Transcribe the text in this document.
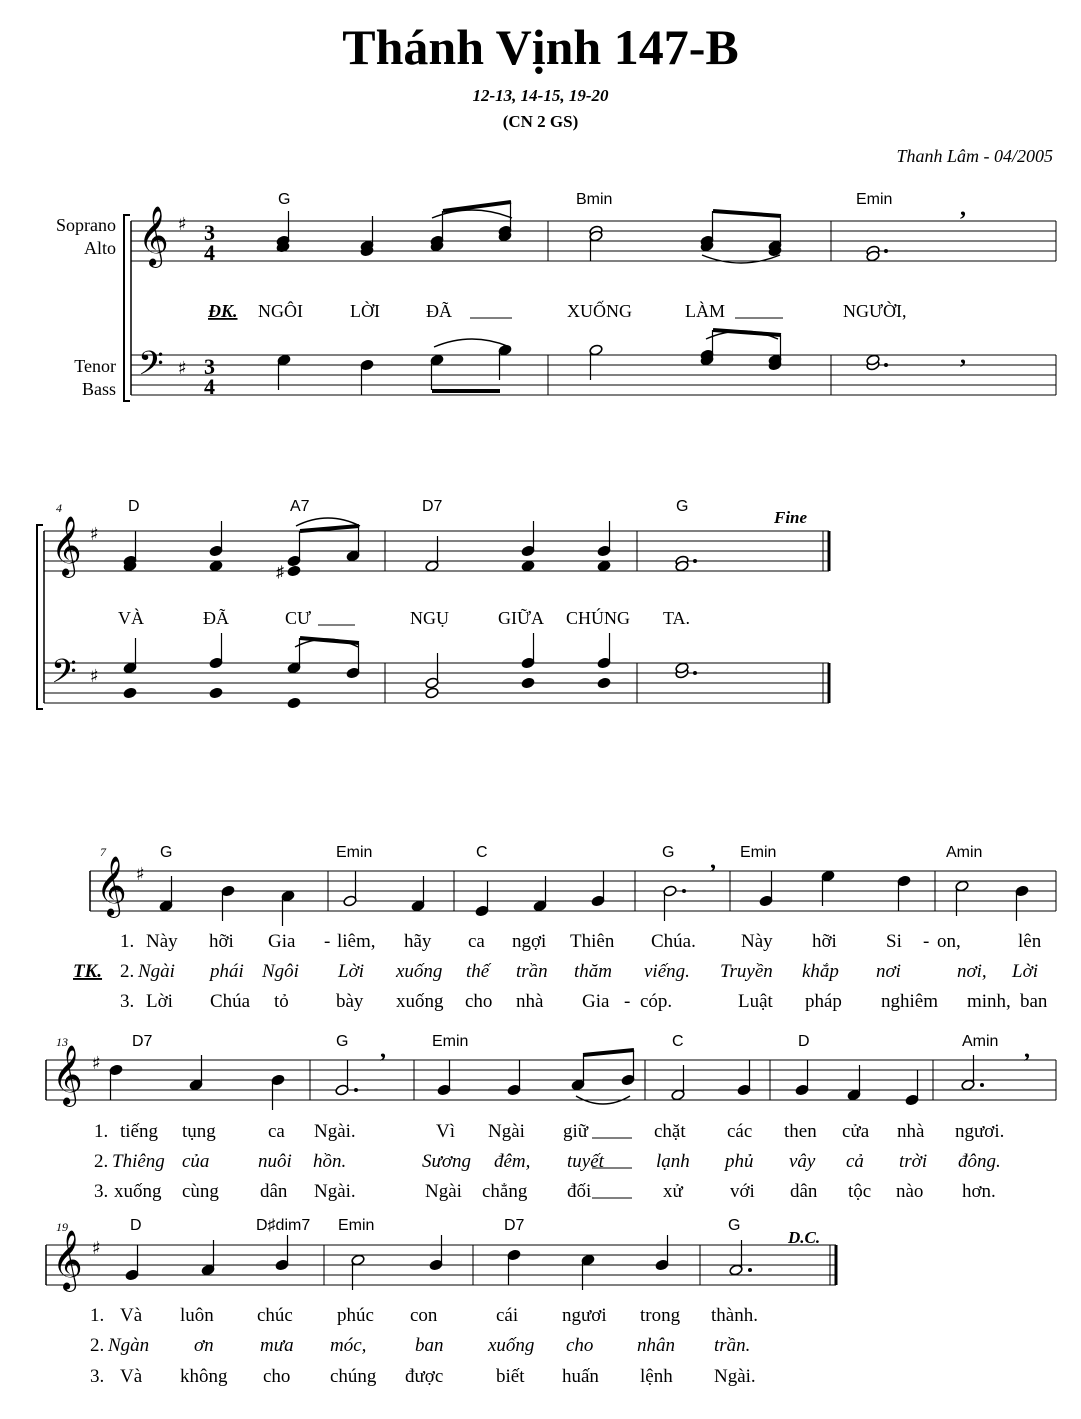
Thánh Vịnh 147-B
12-13, 14-15, 19-20
(CN 2 GS)
Thanh Lâm - 04/2005
𝄞
𝄢
♯
♯
3
4
3
4
,
,
𝄞
𝄢
♯
♯
♯
𝄞 ♯
,
𝄞 ♯
,	,
𝄞 ♯
Soprano
Alto
Tenor
Bass
4
7
13
19
G	Bmin	Emin
ĐK. NGÔI	LỜI	ĐÃ	XUỐNG	LÀM	NGƯỜI,
D	A7	D7	G
Fine
VÀ	ĐÃ	CƯ	NGỤ	GIỮA CHÚNG TA.
G	Emin	C	G	Emin	Amin
TK.
1. Này hỡi Gia - liêm, hãy ca ngợi Thiên Chúa. Này hỡi	Si - on,	lên
2. Ngài phái Ngôi Lời xuống thế trần thăm viếng. Truyền khắp nơi	nơi, Lời
3. Lời Chúa tỏ bày xuống cho nhà Gia - cóp.	Luật pháp nghiêm minh, ban
D7	G	Emin	C	D	Amin
1. tiếng tụng	ca Ngài.	Vì Ngài giữ	chặt các then cửa nhà ngươi.
2. Thiêng của	nuôi hồn.	Sương đêm, tuyết	lạnh phủ vây cả trời đông.
3. xuống cùng dân Ngài.	Ngài chẳng đối	xử với dân tộc nào hơn.
D	D♯dim7 Emin	D7	G
D.C.
1. Và luôn chúc phúc con	cái ngươi trong thành.
2. Ngàn ơn mưa móc,	ban xuống cho nhân trần.
3. Và không cho chúng được	biết huấn lệnh Ngài.
